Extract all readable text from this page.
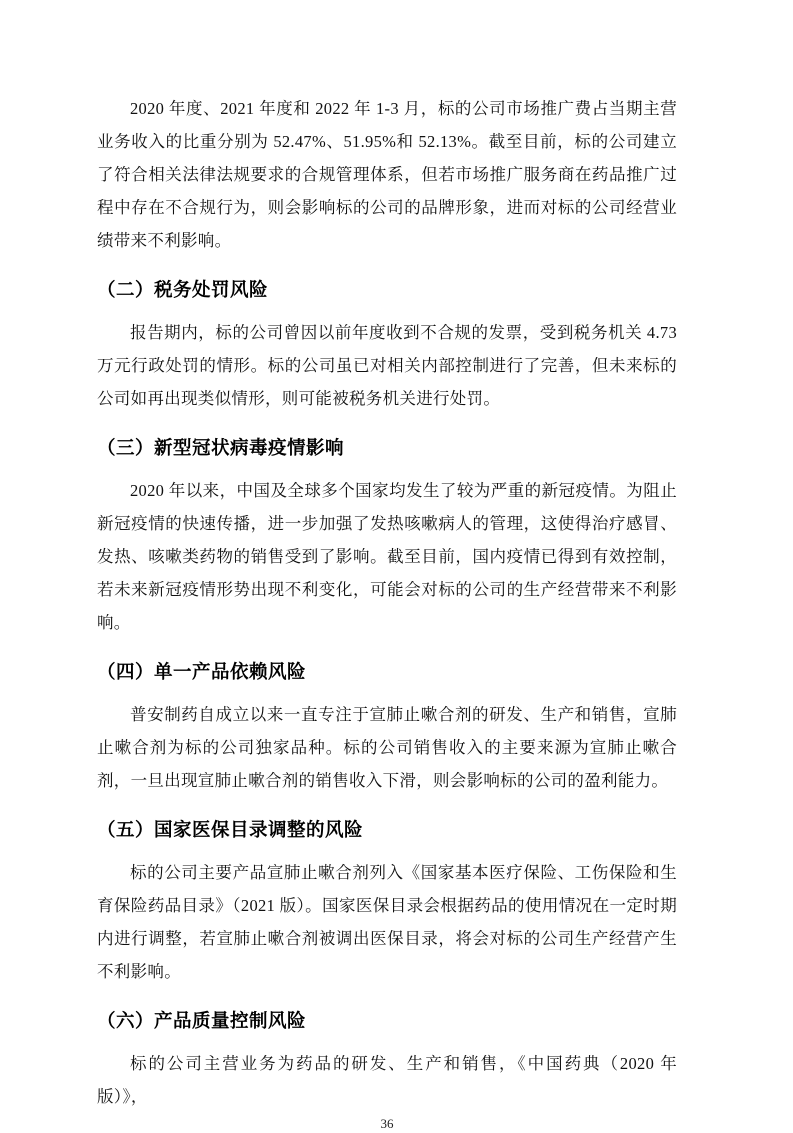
2020 年度、2021 年度和 2022 年 1-3 月，标的公司市场推广费占当期主营业务收入的比重分别为 52.47%、51.95%和 52.13%。截至目前，标的公司建立了符合相关法律法规要求的合规管理体系，但若市场推广服务商在药品推广过程中存在不合规行为，则会影响标的公司的品牌形象，进而对标的公司经营业绩带来不利影响。

（二）税务处罚风险

报告期内，标的公司曾因以前年度收到不合规的发票，受到税务机关 4.73 万元行政处罚的情形。标的公司虽已对相关内部控制进行了完善，但未来标的公司如再出现类似情形，则可能被税务机关进行处罚。

（三）新型冠状病毒疫情影响

2020 年以来，中国及全球多个国家均发生了较为严重的新冠疫情。为阻止新冠疫情的快速传播，进一步加强了发热咳嗽病人的管理，这使得治疗感冒、发热、咳嗽类药物的销售受到了影响。截至目前，国内疫情已得到有效控制，若未来新冠疫情形势出现不利变化，可能会对标的公司的生产经营带来不利影响。

（四）单一产品依赖风险

普安制药自成立以来一直专注于宣肺止嗽合剂的研发、生产和销售，宣肺止嗽合剂为标的公司独家品种。标的公司销售收入的主要来源为宣肺止嗽合剂，一旦出现宣肺止嗽合剂的销售收入下滑，则会影响标的公司的盈利能力。

（五）国家医保目录调整的风险

标的公司主要产品宣肺止嗽合剂列入《国家基本医疗保险、工伤保险和生育保险药品目录》（2021 版）。国家医保目录会根据药品的使用情况在一定时期内进行调整，若宣肺止嗽合剂被调出医保目录，将会对标的公司生产经营产生不利影响。

（六）产品质量控制风险

标的公司主营业务为药品的研发、生产和销售，《中国药典（2020 年版）》，

36
